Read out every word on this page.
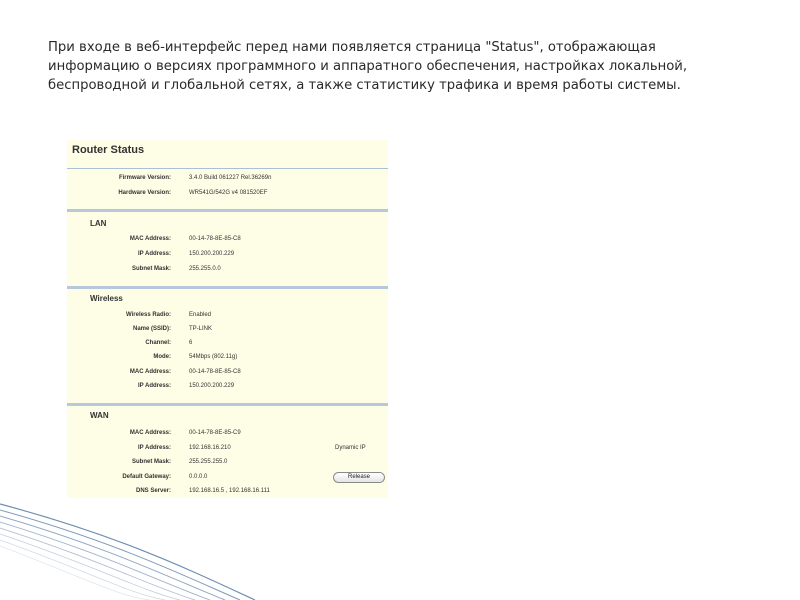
При входе в веб-интерфейс перед нами появляется страница "Status", отображающая информацию о версиях программного и аппаратного обеспечения, настройках локальной, беспроводной и глобальной сетях, а также статистику трафика и время работы системы.

Router Status
Firmware Version:	3.4.0 Build 061227 Rel.36269n
Hardware Version:	WR541G/542G v4 081520EF
LAN
MAC Address:	00-14-78-8E-85-C8
IP Address:	150.200.200.229
Subnet Mask:	255.255.0.0
Wireless
Wireless Radio:	Enabled
Name (SSID):	TP-LINK
Channel:	6
Mode:	54Mbps (802.11g)
MAC Address:	00-14-78-8E-85-C8
IP Address:	150.200.200.229
WAN
MAC Address:	00-14-78-8E-85-C9
IP Address:	192.168.16.210	Dynamic IP
Subnet Mask:	255.255.255.0
Default Gateway:	0.0.0.0	Release
DNS Server:	192.168.16.5 , 192.168.16.111
